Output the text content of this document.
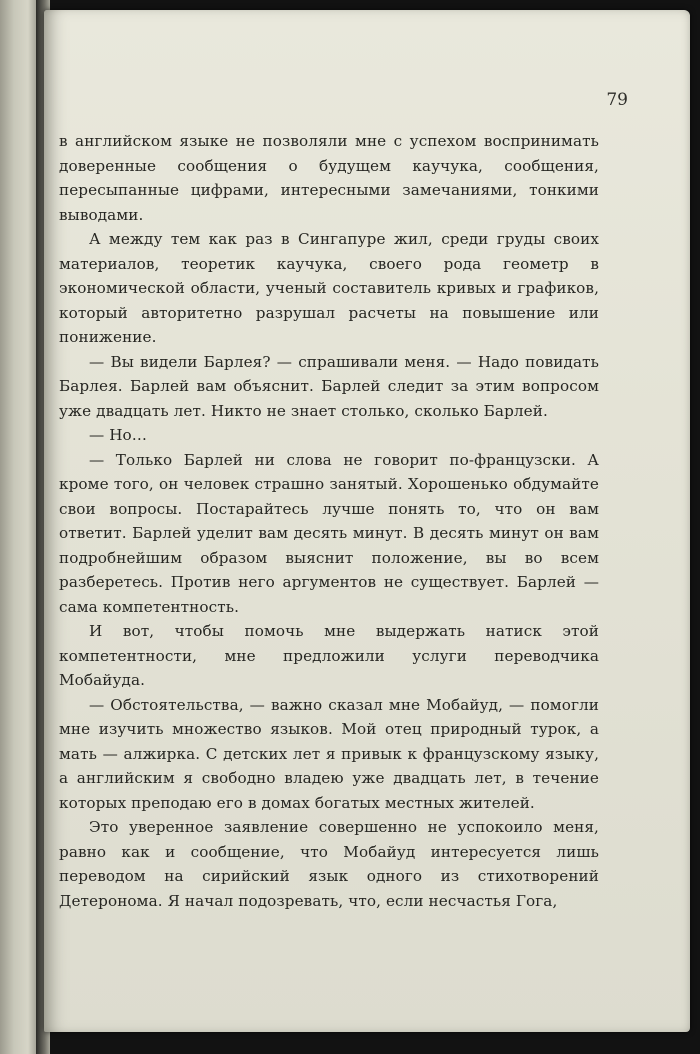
79

в английском языке не позволяли мне с успехом воспринимать доверенные сообщения о будущем каучука, сообщения, пересыпанные цифрами, интересными замечаниями, тонкими выводами.

А между тем как раз в Сингапуре жил, среди груды своих материалов, теоретик каучука, своего рода геометр в экономической области, ученый составитель кривых и графиков, который авторитетно разрушал расчеты на повышение или понижение.

— Вы видели Барлея? — спрашивали меня. — Надо повидать Барлея. Барлей вам объяснит. Барлей следит за этим вопросом уже двадцать лет. Никто не знает столько, сколько Барлей.

— Но…

— Только Барлей ни слова не говорит по-французски. А кроме того, он человек страшно занятый. Хорошенько обдумайте свои вопросы. Постарайтесь лучше понять то, что он вам ответит. Барлей уделит вам десять минут. В десять минут он вам подробнейшим образом выяснит положение, вы во всем разберетесь. Против него аргументов не существует. Барлей — сама компетентность.

И вот, чтобы помочь мне выдержать натиск этой компетентности, мне предложили услуги переводчика Мобайуда.

— Обстоятельства, — важно сказал мне Мобайуд, — помогли мне изучить множество языков. Мой отец природный турок, а мать — алжирка. С детских лет я привык к французскому языку, а английским я свободно владею уже двадцать лет, в течение которых преподаю его в домах богатых местных жителей.

Это уверенное заявление совершенно не успокоило меня, равно как и сообщение, что Мобайуд интересуется лишь переводом на сирийский язык одного из стихотворений Детеронома. Я начал подозревать, что, если несчастья Гога,
